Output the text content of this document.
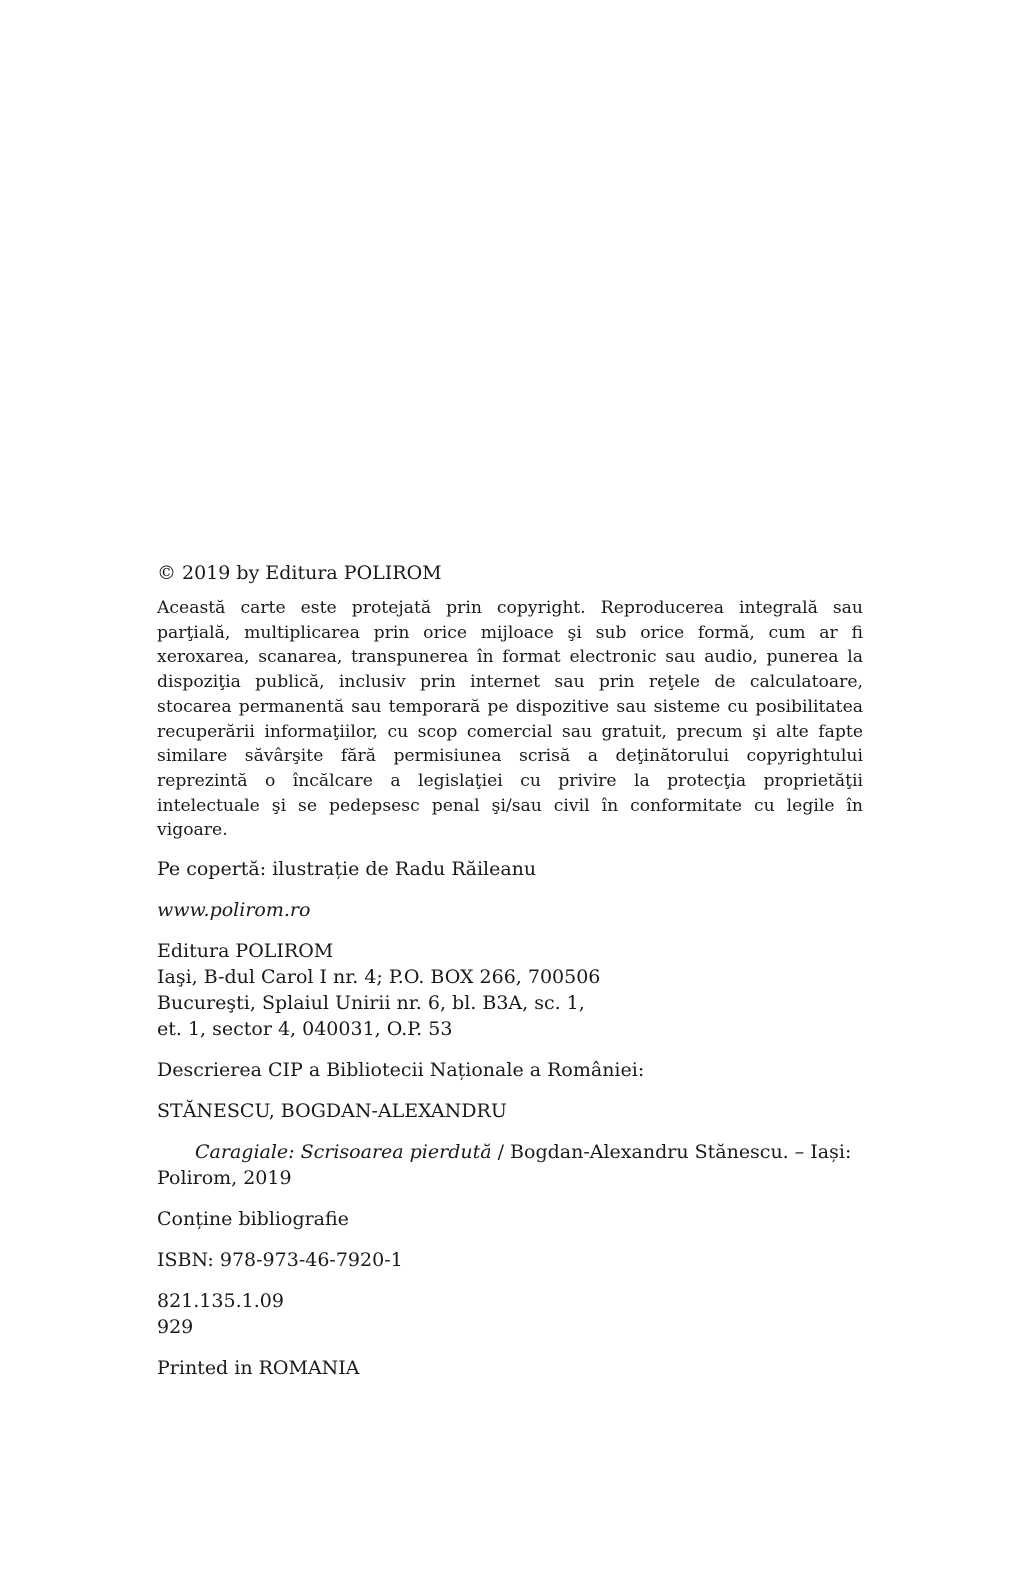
© 2019 by Editura POLIROM

Această carte este protejată prin copyright. Reproducerea integrală sau parţială, multiplicarea prin orice mijloace şi sub orice formă, cum ar fi xeroxarea, scanarea, transpunerea în format electronic sau audio, punerea la dispoziţia publică, inclusiv prin internet sau prin reţele de calculatoare, stocarea permanentă sau temporară pe dispozitive sau sisteme cu posibilitatea recuperării informaţiilor, cu scop comercial sau gratuit, precum şi alte fapte similare săvârşite fără permisiunea scrisă a deţinătorului copyrightului reprezintă o încălcare a legislaţiei cu privire la protecţia proprietăţii intelectuale şi se pedepsesc penal şi/sau civil în conformitate cu legile în vigoare.

Pe copertă: ilustrație de Radu Răileanu

www.polirom.ro

Editura POLIROM

Iaşi, B-dul Carol I nr. 4; P.O. BOX 266, 700506

Bucureşti, Splaiul Unirii nr. 6, bl. B3A, sc. 1,

et. 1, sector 4, 040031, O.P. 53

Descrierea CIP a Bibliotecii Naționale a României:

STĂNESCU, BOGDAN-ALEXANDRU

Caragiale: Scrisoarea pierdută / Bogdan-Alexandru Stănescu. – Iași: Polirom, 2019

Conține bibliografie

ISBN: 978-973-46-7920-1

821.135.1.09

929

Printed in ROMANIA
